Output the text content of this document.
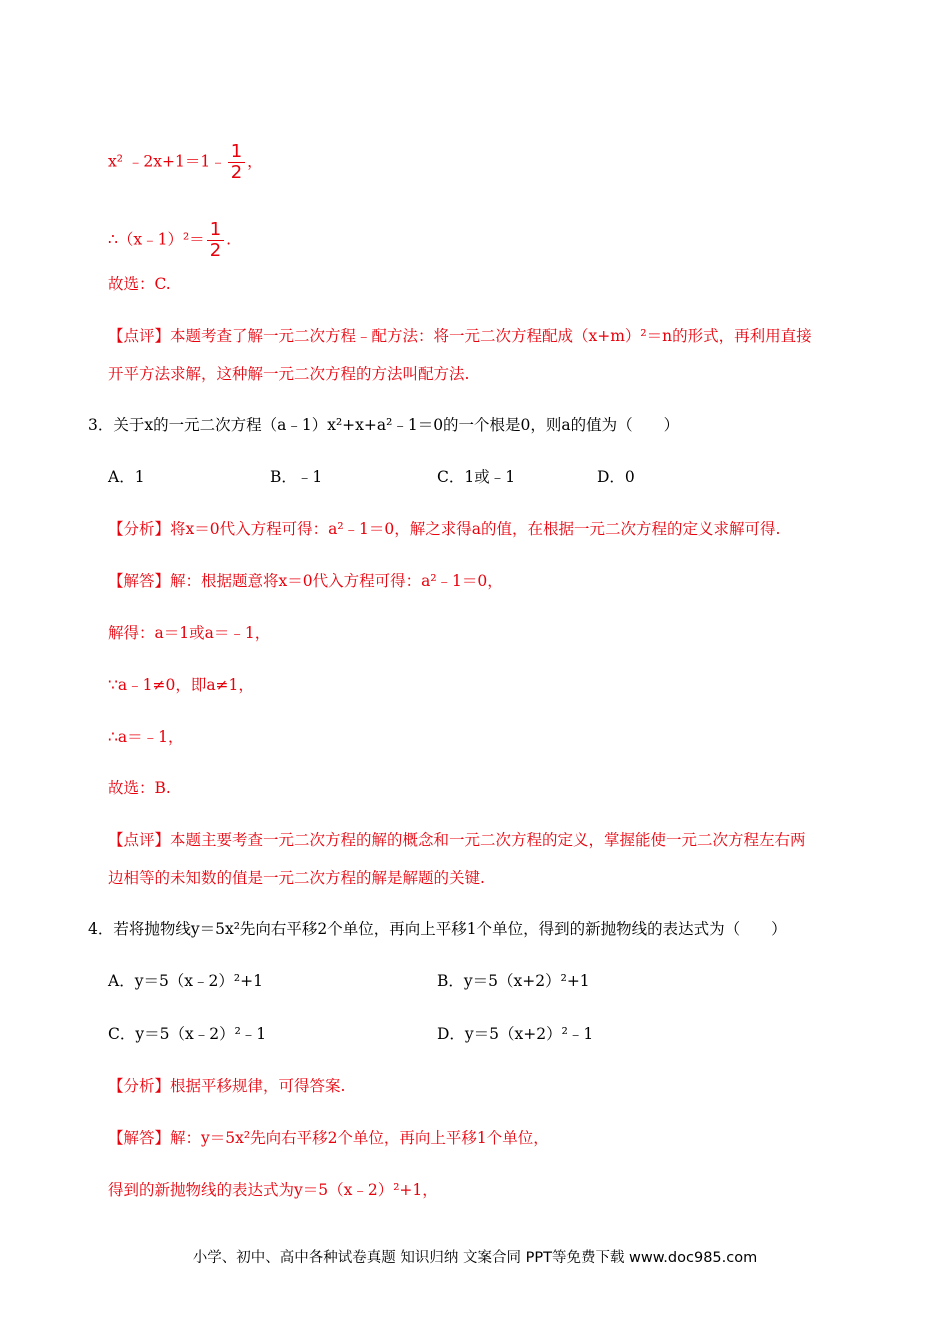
x² ﹣2x+1＝1﹣ $\frac{1}{2}$ ，
∴（x﹣1）²＝ $\frac{1}{2}$ .
故选：C.
【点评】本题考查了解一元二次方程﹣配方法：将一元二次方程配成（x+m）²＝n的形式，再利用直接
开平方法求解，这种解一元二次方程的方法叫配方法.
3．关于x的一元二次方程（a﹣1）x²+x+a²﹣1＝0的一个根是0，则a的值为（　　）
A．1	B．﹣1	C．1或﹣1	D．0
【分析】将x＝0代入方程可得：a²﹣1＝0，解之求得a的值，在根据一元二次方程的定义求解可得.
【解答】解：根据题意将x＝0代入方程可得：a²﹣1＝0，
解得：a＝1或a＝﹣1，
∵a﹣1≠0，即a≠1，
∴a＝﹣1，
故选：B.
【点评】本题主要考查一元二次方程的解的概念和一元二次方程的定义，掌握能使一元二次方程左右两
边相等的未知数的值是一元二次方程的解是解题的关键.
4．若将抛物线y＝5x²先向右平移2个单位，再向上平移1个单位，得到的新抛物线的表达式为（　　）
A．y＝5（x﹣2）²+1	B．y＝5（x+2）²+1
C．y＝5（x﹣2）²﹣1	D．y＝5（x+2）²﹣1
【分析】根据平移规律，可得答案.
【解答】解：y＝5x²先向右平移2个单位，再向上平移1个单位，
得到的新抛物线的表达式为y＝5（x﹣2）²+1，
小学、初中、高中各种试卷真题 知识归纳 文案合同 PPT等免费下载 www.doc985.com
